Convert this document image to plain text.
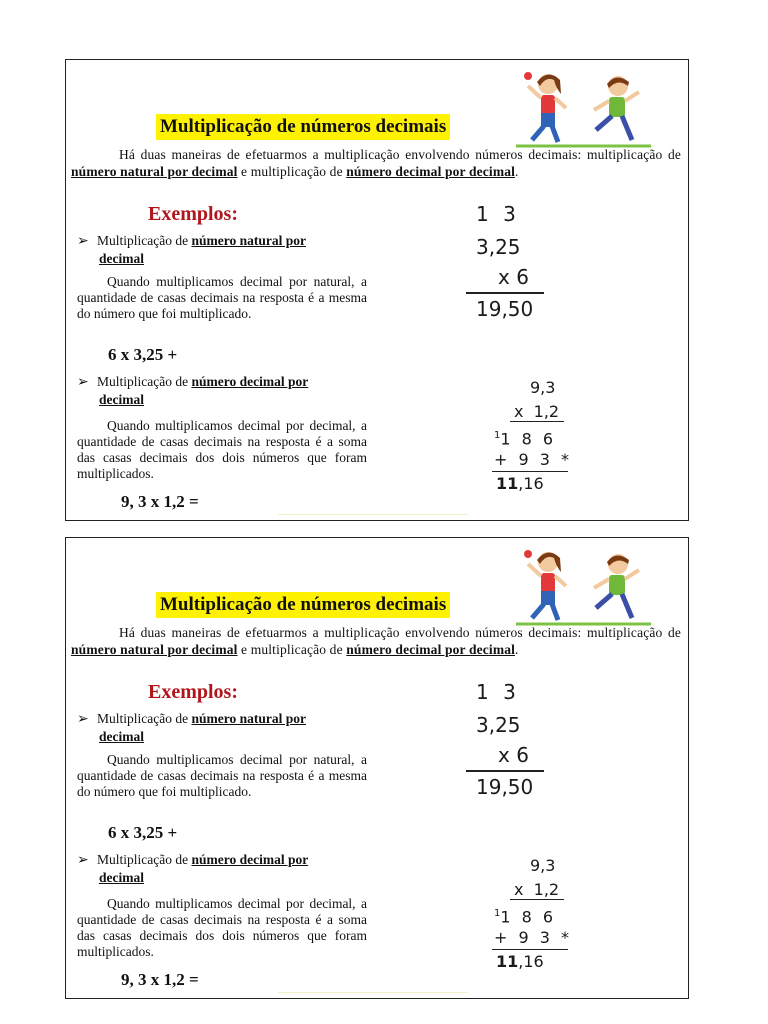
Multiplicação de números decimais

Há duas maneiras de efetuarmos a multiplicação envolvendo números decimais: multiplicação de número natural por decimal e multiplicação de número decimal por decimal.

Exemplos:
➢ Multiplicação de número natural por
decimal

Quando multiplicamos decimal por natural, a quantidade de casas decimais na resposta é a mesma do número que foi multiplicado.

6 x 3,25 +

➢ Multiplicação de número decimal por
decimal

Quando multiplicamos decimal por decimal, a quantidade de casas decimais na resposta é a soma das casas decimais dos dois números que foram multiplicados.

9, 3 x 1,2 =

1 3
3,25
x 6
19,50
9,3
x  1,2
$^1$1 8 6
+ 9 3 *
11,16
Multiplicação de números decimais

Há duas maneiras de efetuarmos a multiplicação envolvendo números decimais: multiplicação de número natural por decimal e multiplicação de número decimal por decimal.

Exemplos:
➢ Multiplicação de número natural por
decimal

Quando multiplicamos decimal por natural, a quantidade de casas decimais na resposta é a mesma do número que foi multiplicado.

6 x 3,25 +

➢ Multiplicação de número decimal por
decimal

Quando multiplicamos decimal por decimal, a quantidade de casas decimais na resposta é a soma das casas decimais dos dois números que foram multiplicados.

9, 3 x 1,2 =

1 3
3,25
x 6
19,50
9,3
x  1,2
$^1$1 8 6
+ 9 3 *
11,16
